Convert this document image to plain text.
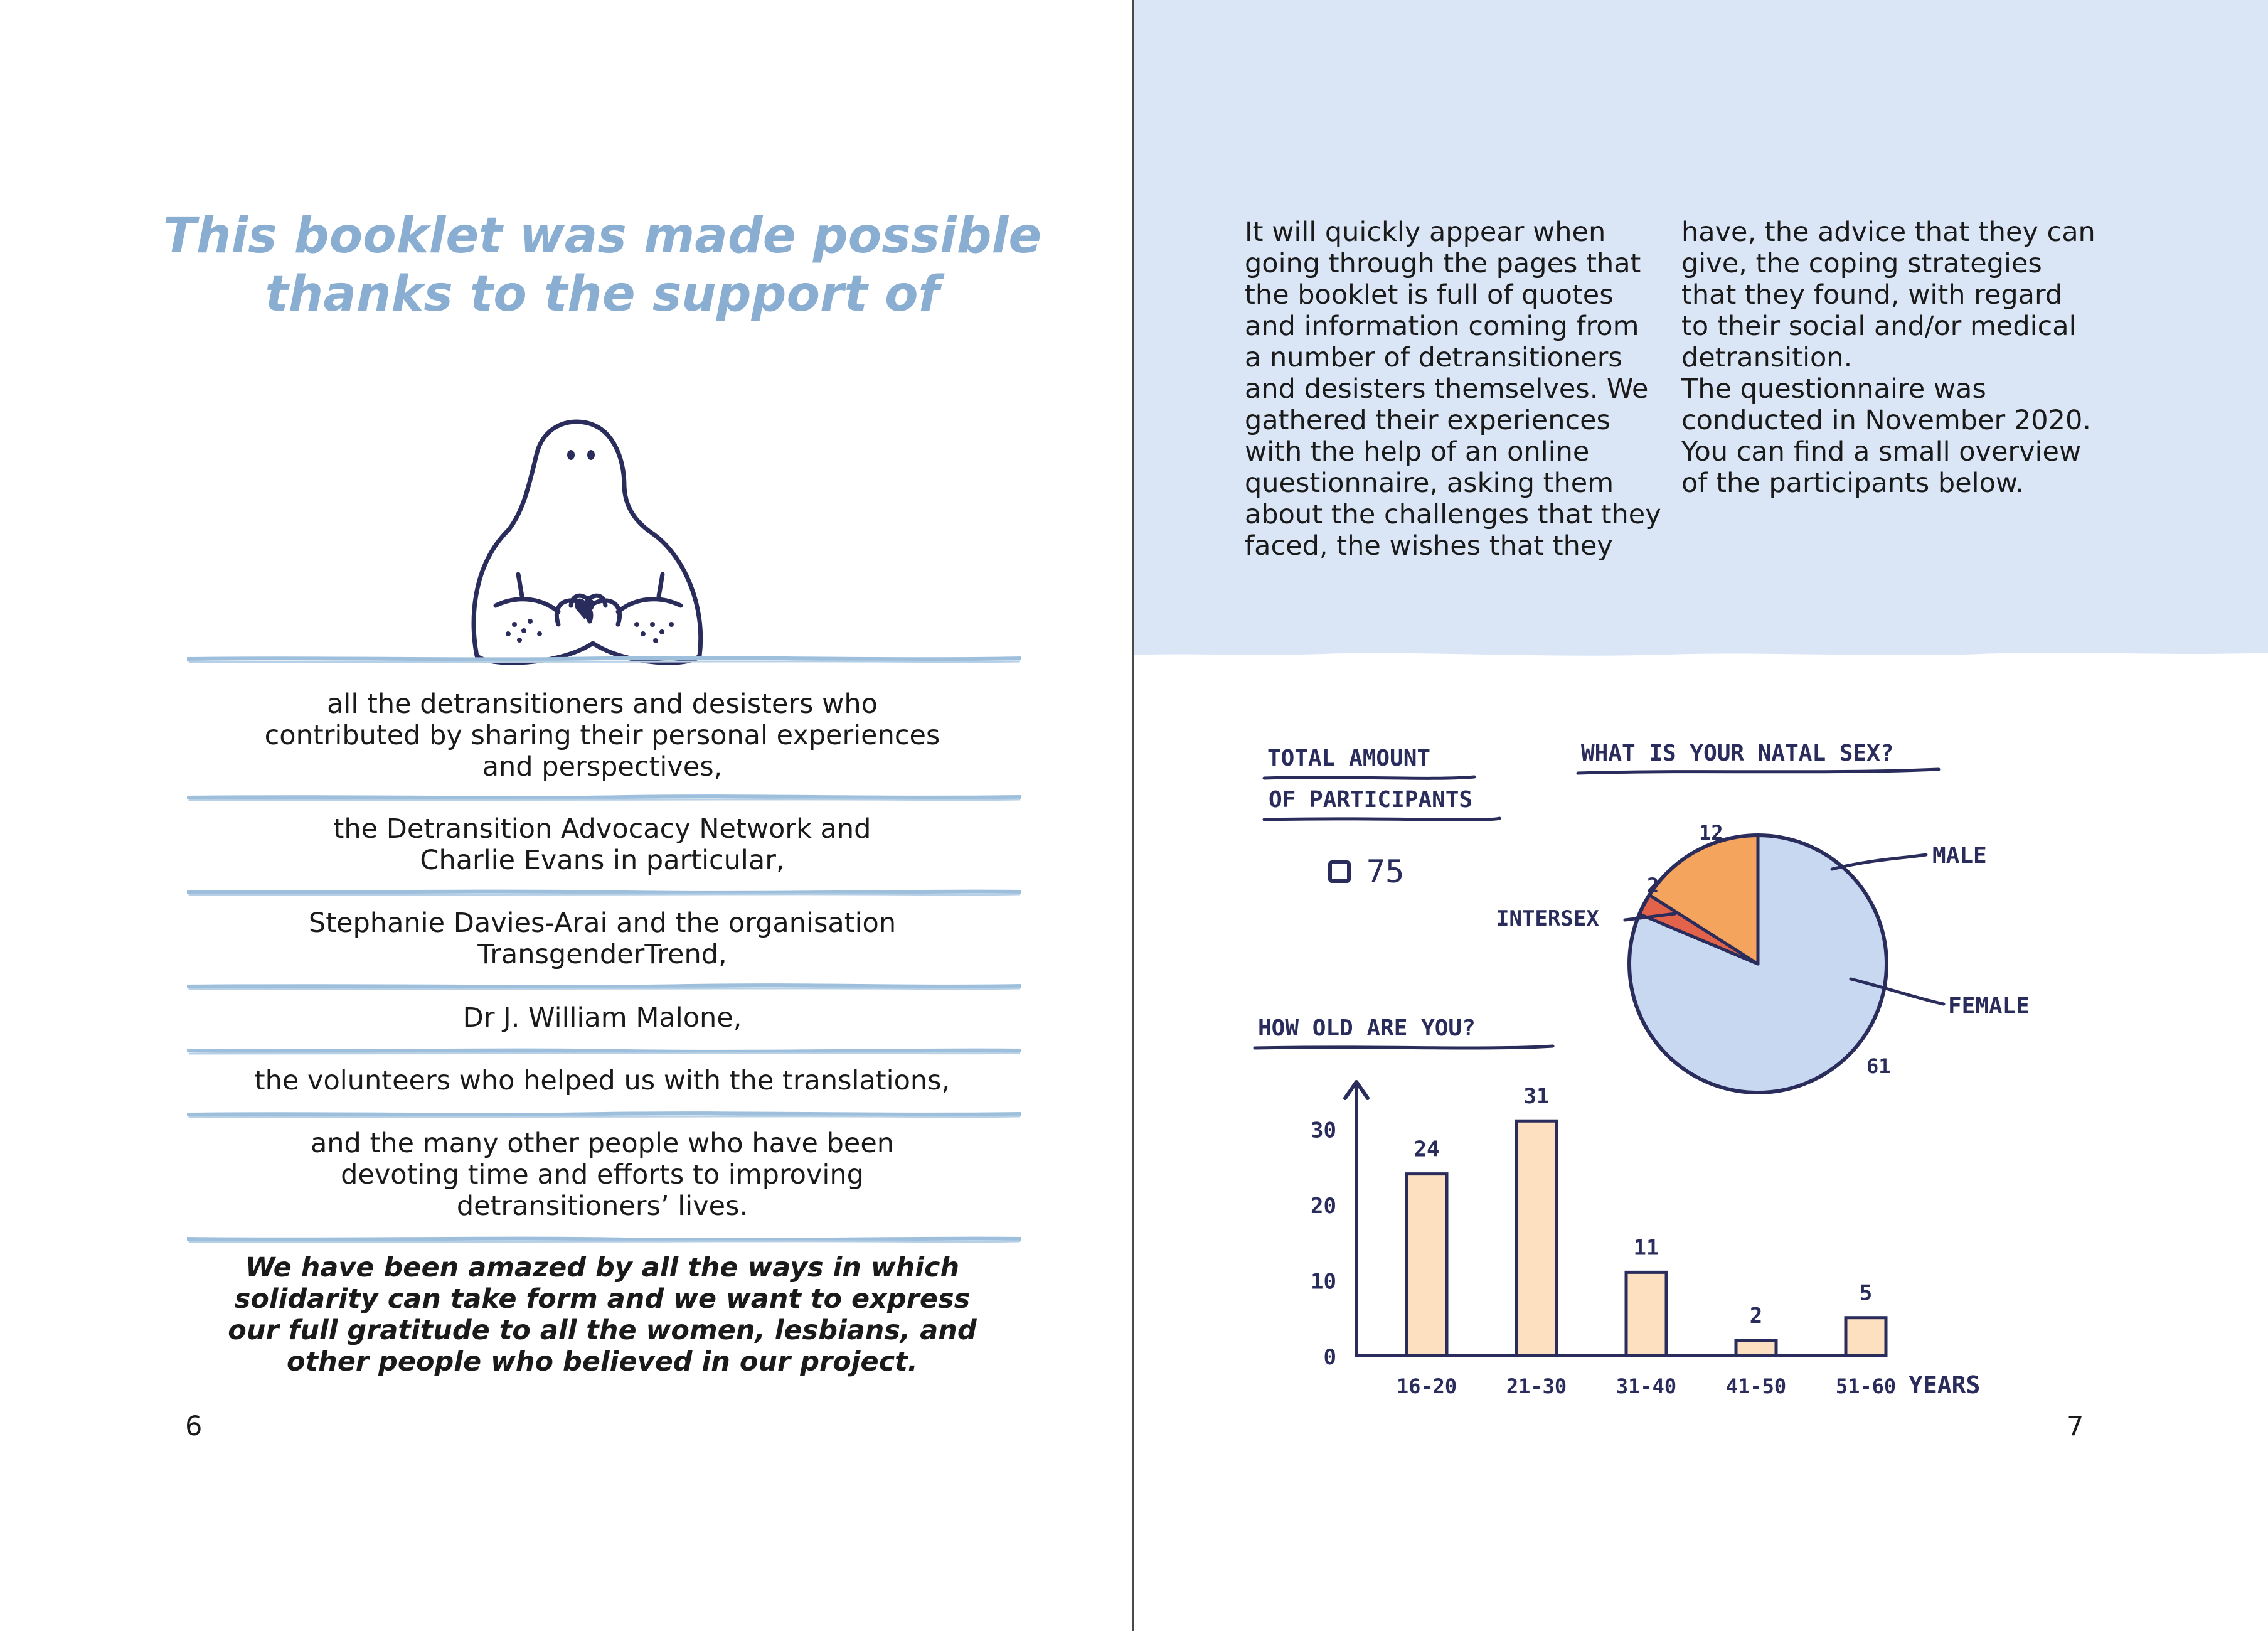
This booklet was made possible
thanks to the support of
all the detransitioners and desisters who
contributed by sharing their personal experiences
and perspectives,
the Detransition Advocacy Network and
Charlie Evans in particular,
Stephanie Davies-Arai and the organisation
TransgenderTrend,
Dr J. William Malone,
the volunteers who helped us with the translations,
and the many other people who have been
devoting time and efforts to improving
detransitioners’ lives.
We have been amazed by all the ways in which
solidarity can take form and we want to express
our full gratitude to all the women, lesbians, and
other people who believed in our project.
6
It will quickly appear when
going through the pages that
the booklet is full of quotes
and information coming from
a number of detransitioners
and desisters themselves. We
gathered their experiences
with the help of an online
questionnaire, asking them
about the challenges that they
faced, the wishes that they
have, the advice that they can
give, the coping strategies
that they found, with regard
to their social and/or medical
detransition.
The questionnaire was
conducted in November 2020.
You can find a small overview
of the participants below.
7
TOTAL AMOUNT
OF PARTICIPANTS
75
WHAT IS YOUR NATAL SEX?
MALE
FEMALE
INTERSEX
12
2
61
HOW OLD ARE YOU?
0
10
20
30
24
31
11
2
5
16-20 21-30 31-40 41-50 51-60 YEARS
